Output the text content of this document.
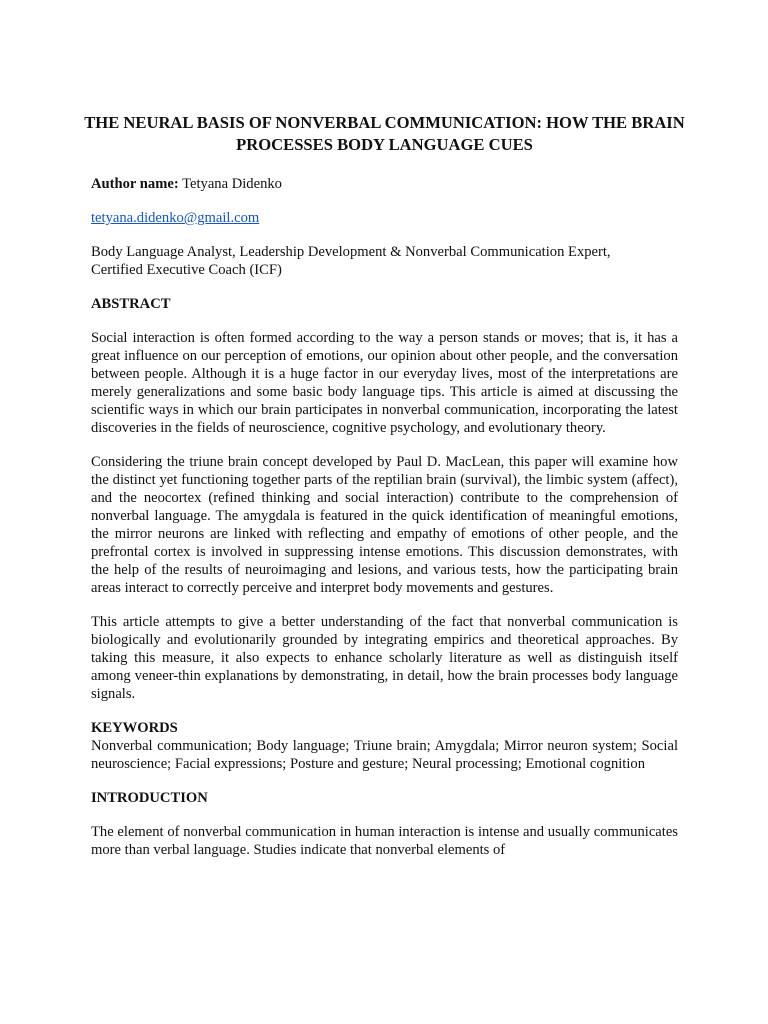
THE NEURAL BASIS OF NONVERBAL COMMUNICATION: HOW THE BRAIN PROCESSES BODY LANGUAGE CUES
Author name: Tetyana Didenko
tetyana.didenko@gmail.com
Body Language Analyst, Leadership Development & Nonverbal Communication Expert,
Certified Executive Coach (ICF)
ABSTRACT
Social interaction is often formed according to the way a person stands or moves; that is, it has a great influence on our perception of emotions, our opinion about other people, and the conversation between people. Although it is a huge factor in our everyday lives, most of the interpretations are merely generalizations and some basic body language tips. This article is aimed at discussing the scientific ways in which our brain participates in nonverbal communication, incorporating the latest discoveries in the fields of neuroscience, cognitive psychology, and evolutionary theory.
Considering the triune brain concept developed by Paul D. MacLean, this paper will examine how the distinct yet functioning together parts of the reptilian brain (survival), the limbic system (affect), and the neocortex (refined thinking and social interaction) contribute to the comprehension of nonverbal language. The amygdala is featured in the quick identification of meaningful emotions, the mirror neurons are linked with reflecting and empathy of emotions of other people, and the prefrontal cortex is involved in suppressing intense emotions. This discussion demonstrates, with the help of the results of neuroimaging and lesions, and various tests, how the participating brain areas interact to correctly perceive and interpret body movements and gestures.
This article attempts to give a better understanding of the fact that nonverbal communication is biologically and evolutionarily grounded by integrating empirics and theoretical approaches. By taking this measure, it also expects to enhance scholarly literature as well as distinguish itself among veneer-thin explanations by demonstrating, in detail, how the brain processes body language signals.
KEYWORDS
Nonverbal communication; Body language; Triune brain; Amygdala; Mirror neuron system; Social neuroscience; Facial expressions; Posture and gesture; Neural processing; Emotional cognition
INTRODUCTION
The element of nonverbal communication in human interaction is intense and usually communicates more than verbal language. Studies indicate that nonverbal elements of
